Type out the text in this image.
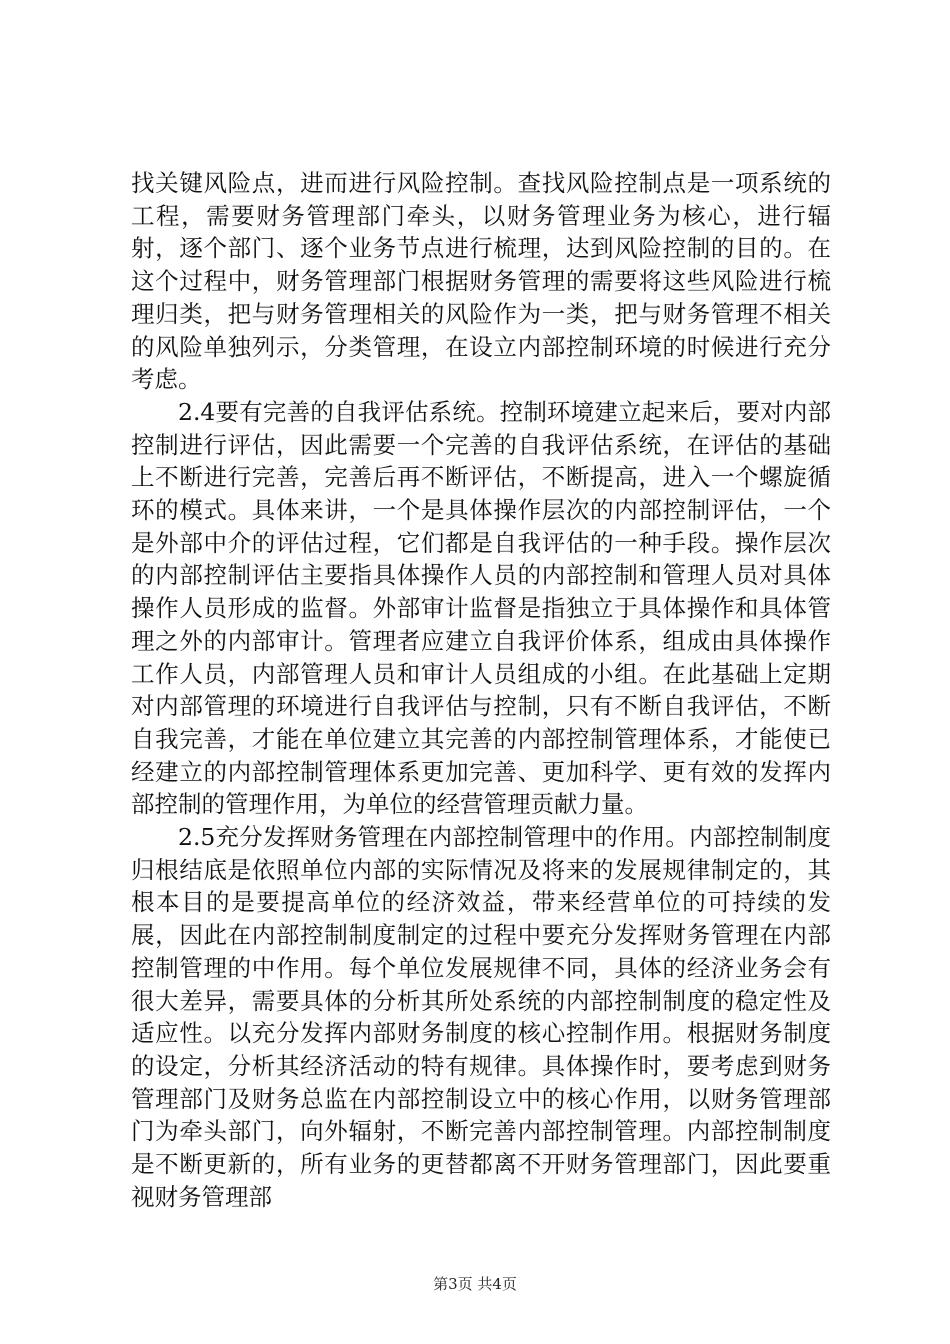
找关键风险点，进而进行风险控制。查找风险控制点是一项系统的工程，需要财务管理部门牵头，以财务管理业务为核心，进行辐射，逐个部门、逐个业务节点进行梳理，达到风险控制的目的。在这个过程中，财务管理部门根据财务管理的需要将这些风险进行梳理归类，把与财务管理相关的风险作为一类，把与财务管理不相关的风险单独列示，分类管理，在设立内部控制环境的时候进行充分考虑。

2.4要有完善的自我评估系统。控制环境建立起来后，要对内部控制进行评估，因此需要一个完善的自我评估系统，在评估的基础上不断进行完善，完善后再不断评估，不断提高，进入一个螺旋循环的模式。具体来讲，一个是具体操作层次的内部控制评估，一个是外部中介的评估过程，它们都是自我评估的一种手段。操作层次的内部控制评估主要指具体操作人员的内部控制和管理人员对具体操作人员形成的监督。外部审计监督是指独立于具体操作和具体管理之外的内部审计。管理者应建立自我评价体系，组成由具体操作工作人员，内部管理人员和审计人员组成的小组。在此基础上定期对内部管理的环境进行自我评估与控制，只有不断自我评估，不断自我完善，才能在单位建立其完善的内部控制管理体系，才能使已经建立的内部控制管理体系更加完善、更加科学、更有效的发挥内部控制的管理作用，为单位的经营管理贡献力量。

2.5充分发挥财务管理在内部控制管理中的作用。内部控制制度归根结底是依照单位内部的实际情况及将来的发展规律制定的，其根本目的是要提高单位的经济效益，带来经营单位的可持续的发展，因此在内部控制制度制定的过程中要充分发挥财务管理在内部控制管理的中作用。每个单位发展规律不同，具体的经济业务会有很大差异，需要具体的分析其所处系统的内部控制制度的稳定性及适应性。以充分发挥内部财务制度的核心控制作用。根据财务制度的设定，分析其经济活动的特有规律。具体操作时，要考虑到财务管理部门及财务总监在内部控制设立中的核心作用，以财务管理部门为牵头部门，向外辐射，不断完善内部控制管理。内部控制制度是不断更新的，所有业务的更替都离不开财务管理部门，因此要重视财务管理部

第3页 共4页
